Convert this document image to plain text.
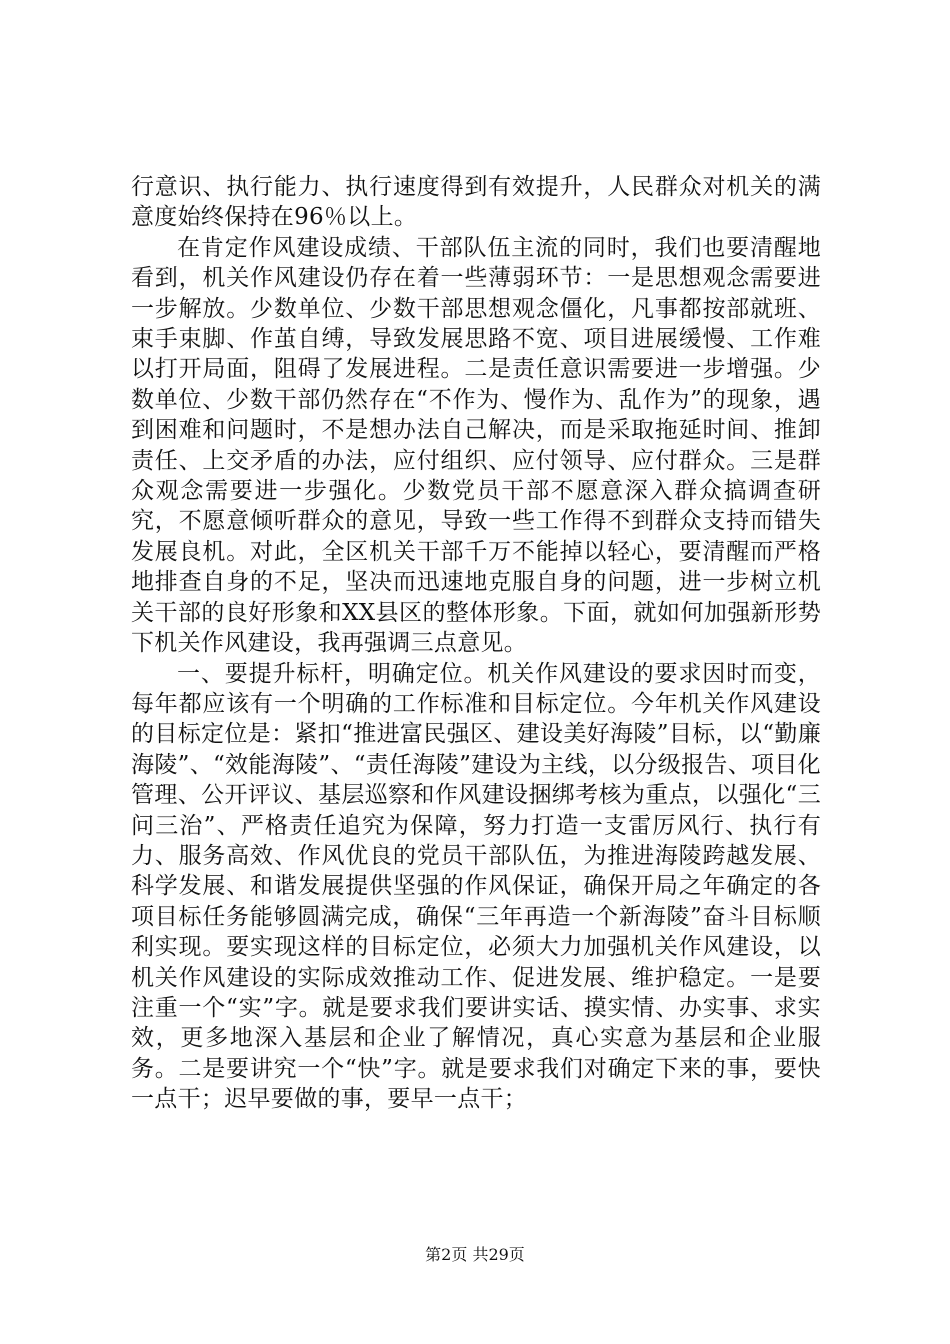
行意识、执行能力、执行速度得到有效提升，人民群众对机关的满意度始终保持在96％以上。

在肯定作风建设成绩、干部队伍主流的同时，我们也要清醒地看到，机关作风建设仍存在着一些薄弱环节：一是思想观念需要进一步解放。少数单位、少数干部思想观念僵化，凡事都按部就班、束手束脚、作茧自缚，导致发展思路不宽、项目进展缓慢、工作难以打开局面，阻碍了发展进程。二是责任意识需要进一步增强。少数单位、少数干部仍然存在“不作为、慢作为、乱作为”的现象，遇到困难和问题时，不是想办法自己解决，而是采取拖延时间、推卸责任、上交矛盾的办法，应付组织、应付领导、应付群众。三是群众观念需要进一步强化。少数党员干部不愿意深入群众搞调查研究，不愿意倾听群众的意见，导致一些工作得不到群众支持而错失发展良机。对此，全区机关干部千万不能掉以轻心，要清醒而严格地排查自身的不足，坚决而迅速地克服自身的问题，进一步树立机关干部的良好形象和XX县区的整体形象。下面，就如何加强新形势下机关作风建设，我再强调三点意见。

一、要提升标杆，明确定位。机关作风建设的要求因时而变，每年都应该有一个明确的工作标准和目标定位。今年机关作风建设的目标定位是：紧扣“推进富民强区、建设美好海陵”目标，以“勤廉海陵”、“效能海陵”、“责任海陵”建设为主线，以分级报告、项目化管理、公开评议、基层巡察和作风建设捆绑考核为重点，以强化“三问三治”、严格责任追究为保障，努力打造一支雷厉风行、执行有力、服务高效、作风优良的党员干部队伍，为推进海陵跨越发展、科学发展、和谐发展提供坚强的作风保证，确保开局之年确定的各项目标任务能够圆满完成，确保“三年再造一个新海陵”奋斗目标顺利实现。要实现这样的目标定位，必须大力加强机关作风建设，以机关作风建设的实际成效推动工作、促进发展、维护稳定。一是要注重一个“实”字。就是要求我们要讲实话、摸实情、办实事、求实效，更多地深入基层和企业了解情况，真心实意为基层和企业服务。二是要讲究一个“快”字。就是要求我们对确定下来的事，要快一点干；迟早要做的事，要早一点干；

第2页 共29页
